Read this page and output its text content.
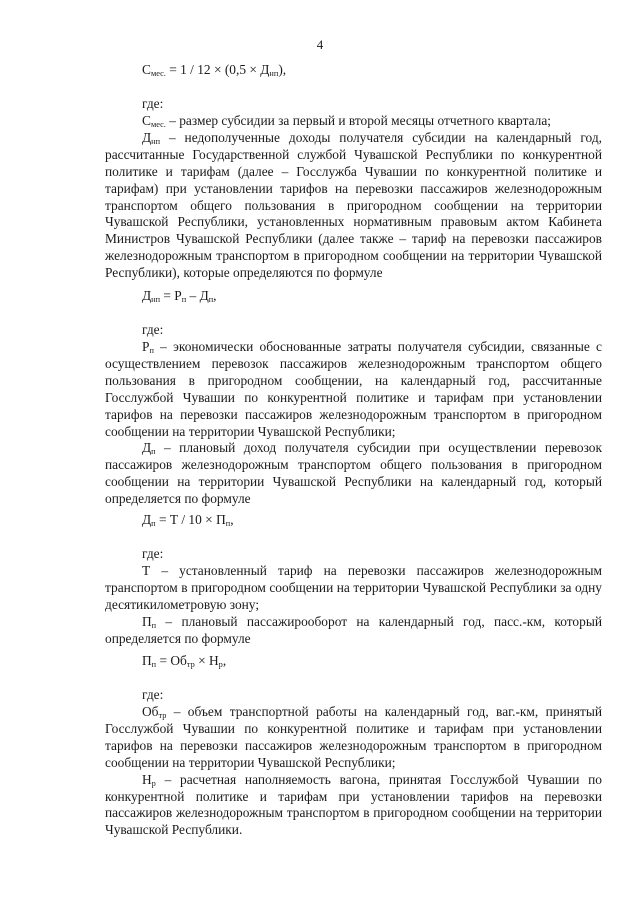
4
$С_{мес.} = 1 / 12 \times (0,5 \times Д_{нп})$,
где:

$С_{мес.}$ – размер субсидии за первый и второй месяцы отчетного квартала;

$Д_{нп}$ – недополученные доходы получателя субсидии на календарный год, рассчитанные Государственной службой Чувашской Республики по конкурентной политике и тарифам (далее – Госслужба Чувашии по конкурентной политике и тарифам) при установлении тарифов на перевозки пассажиров железнодорожным транспортом общего пользования в пригородном сообщении на территории Чувашской Республики, установленных нормативным правовым актом Кабинета Министров Чувашской Республики (далее также – тариф на перевозки пассажиров железнодорожным транспортом в пригородном сообщении на территории Чувашской Республики), которые определяются по формуле

$Д_{нп} = Р_п - Д_п$,
где:

$Р_п$ – экономически обоснованные затраты получателя субсидии, связанные с осуществлением перевозок пассажиров железнодорожным транспортом общего пользования в пригородном сообщении, на календарный год, рассчитанные Госслужбой Чувашии по конкурентной политике и тарифам при установлении тарифов на перевозки пассажиров железнодорожным транспортом в пригородном сообщении на территории Чувашской Республики;

$Д_п$ – плановый доход получателя субсидии при осуществлении перевозок пассажиров железнодорожным транспортом общего пользования в пригородном сообщении на территории Чувашской Республики на календарный год, который определяется по формуле

$Д_п = Т / 10 \times П_п$,
где:

Т – установленный тариф на перевозки пассажиров железнодорожным транспортом в пригородном сообщении на территории Чувашской Республики за одну десятикилометровую зону;

$П_п$ – плановый пассажирооборот на календарный год, пасс.-км, который определяется по формуле

$П_п = Об_{тр} \times Н_р$,
где:

$Об_{тр}$ – объем транспортной работы на календарный год, ваг.-км, принятый Госслужбой Чувашии по конкурентной политике и тарифам при установлении тарифов на перевозки пассажиров железнодорожным транспортом в пригородном сообщении на территории Чувашской Республики;

$Н_р$ – расчетная наполняемость вагона, принятая Госслужбой Чувашии по конкурентной политике и тарифам при установлении тарифов на перевозки пассажиров железнодорожным транспортом в пригородном сообщении на территории Чувашской Республики.
